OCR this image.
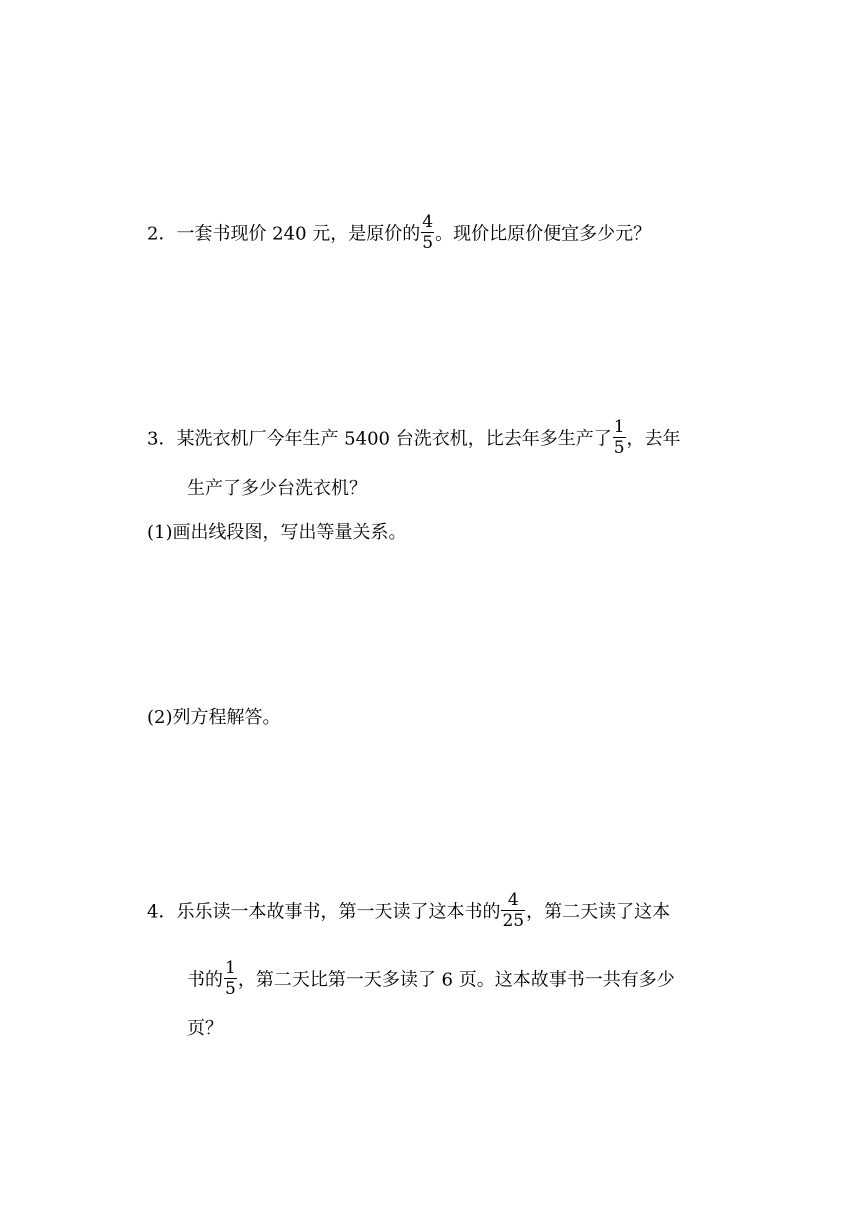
2．一套书现价 240 元，是原价的 $\frac{4}{5}$ 。现价比原价便宜多少元？
3．某洗衣机厂今年生产 5400 台洗衣机，比去年多生产了 $\frac{1}{5}$ ，去年
生产了多少台洗衣机？
(1)画出线段图，写出等量关系。
(2)列方程解答。
4．乐乐读一本故事书，第一天读了这本书的 $\frac{4}{25}$ ，第二天读了这本
书的 $\frac{1}{5}$ ，第二天比第一天多读了 6 页。这本故事书一共有多少
页？
